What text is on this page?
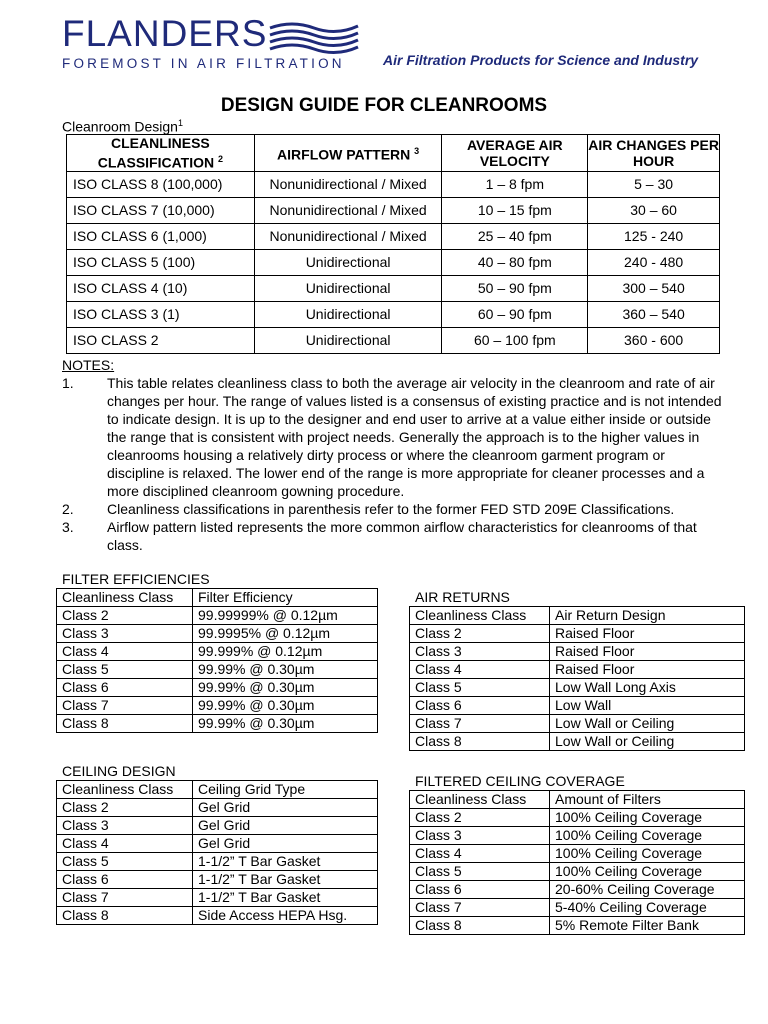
FLANDERS
FOREMOST IN AIR FILTRATION	Air Filtration Products for Science and Industry
DESIGN GUIDE FOR CLEANROOMS
Cleanroom Design$^1$
CLEANLINESS CLASSIFICATION $^2$	AIRFLOW PATTERN $^3$	AVERAGE AIR VELOCITY	AIR CHANGES PER HOUR
ISO CLASS 8 (100,000)	Nonunidirectional / Mixed	1 – 8 fpm	5 – 30
ISO CLASS 7 (10,000)	Nonunidirectional / Mixed	10 – 15 fpm	30 – 60
ISO CLASS 6 (1,000)	Nonunidirectional / Mixed	25 – 40 fpm	125 - 240
ISO CLASS 5 (100)	Unidirectional	40 – 80 fpm	240 - 480
ISO CLASS 4 (10)	Unidirectional	50 – 90 fpm	300 – 540
ISO CLASS 3 (1)	Unidirectional	60 – 90 fpm	360 – 540
ISO CLASS 2	Unidirectional	60 – 100 fpm	360 - 600
NOTES:
1. This table relates cleanliness class to both the average air velocity in the cleanroom and rate of air changes per hour. The range of values listed is a consensus of existing practice and is not intended to indicate design. It is up to the designer and end user to arrive at a value either inside or outside the range that is consistent with project needs. Generally the approach is to the higher values in cleanrooms housing a relatively dirty process or where the cleanroom garment program or discipline is relaxed. The lower end of the range is more appropriate for cleaner processes and a more disciplined cleanroom gowning procedure.
2. Cleanliness classifications in parenthesis refer to the former FED STD 209E Classifications.
3. Airflow pattern listed represents the more common airflow characteristics for cleanrooms of that class.
FILTER EFFICIENCIES
Cleanliness Class	Filter Efficiency
Class 2	99.99999% @ 0.12µm
Class 3	99.9995% @ 0.12µm
Class 4	99.999% @ 0.12µm
Class 5	99.99% @ 0.30µm
Class 6	99.99% @ 0.30µm
Class 7	99.99% @ 0.30µm
Class 8	99.99% @ 0.30µm
AIR RETURNS
Cleanliness Class	Air Return Design
Class 2	Raised Floor
Class 3	Raised Floor
Class 4	Raised Floor
Class 5	Low Wall Long Axis
Class 6	Low Wall
Class 7	Low Wall or Ceiling
Class 8	Low Wall or Ceiling
CEILING DESIGN
Cleanliness Class	Ceiling Grid Type
Class 2	Gel Grid
Class 3	Gel Grid
Class 4	Gel Grid
Class 5	1-1/2” T Bar Gasket
Class 6	1-1/2” T Bar Gasket
Class 7	1-1/2” T Bar Gasket
Class 8	Side Access HEPA Hsg.
FILTERED CEILING COVERAGE
Cleanliness Class	Amount of Filters
Class 2	100% Ceiling Coverage
Class 3	100% Ceiling Coverage
Class 4	100% Ceiling Coverage
Class 5	100% Ceiling Coverage
Class 6	20-60% Ceiling Coverage
Class 7	5-40% Ceiling Coverage
Class 8	5% Remote Filter Bank
